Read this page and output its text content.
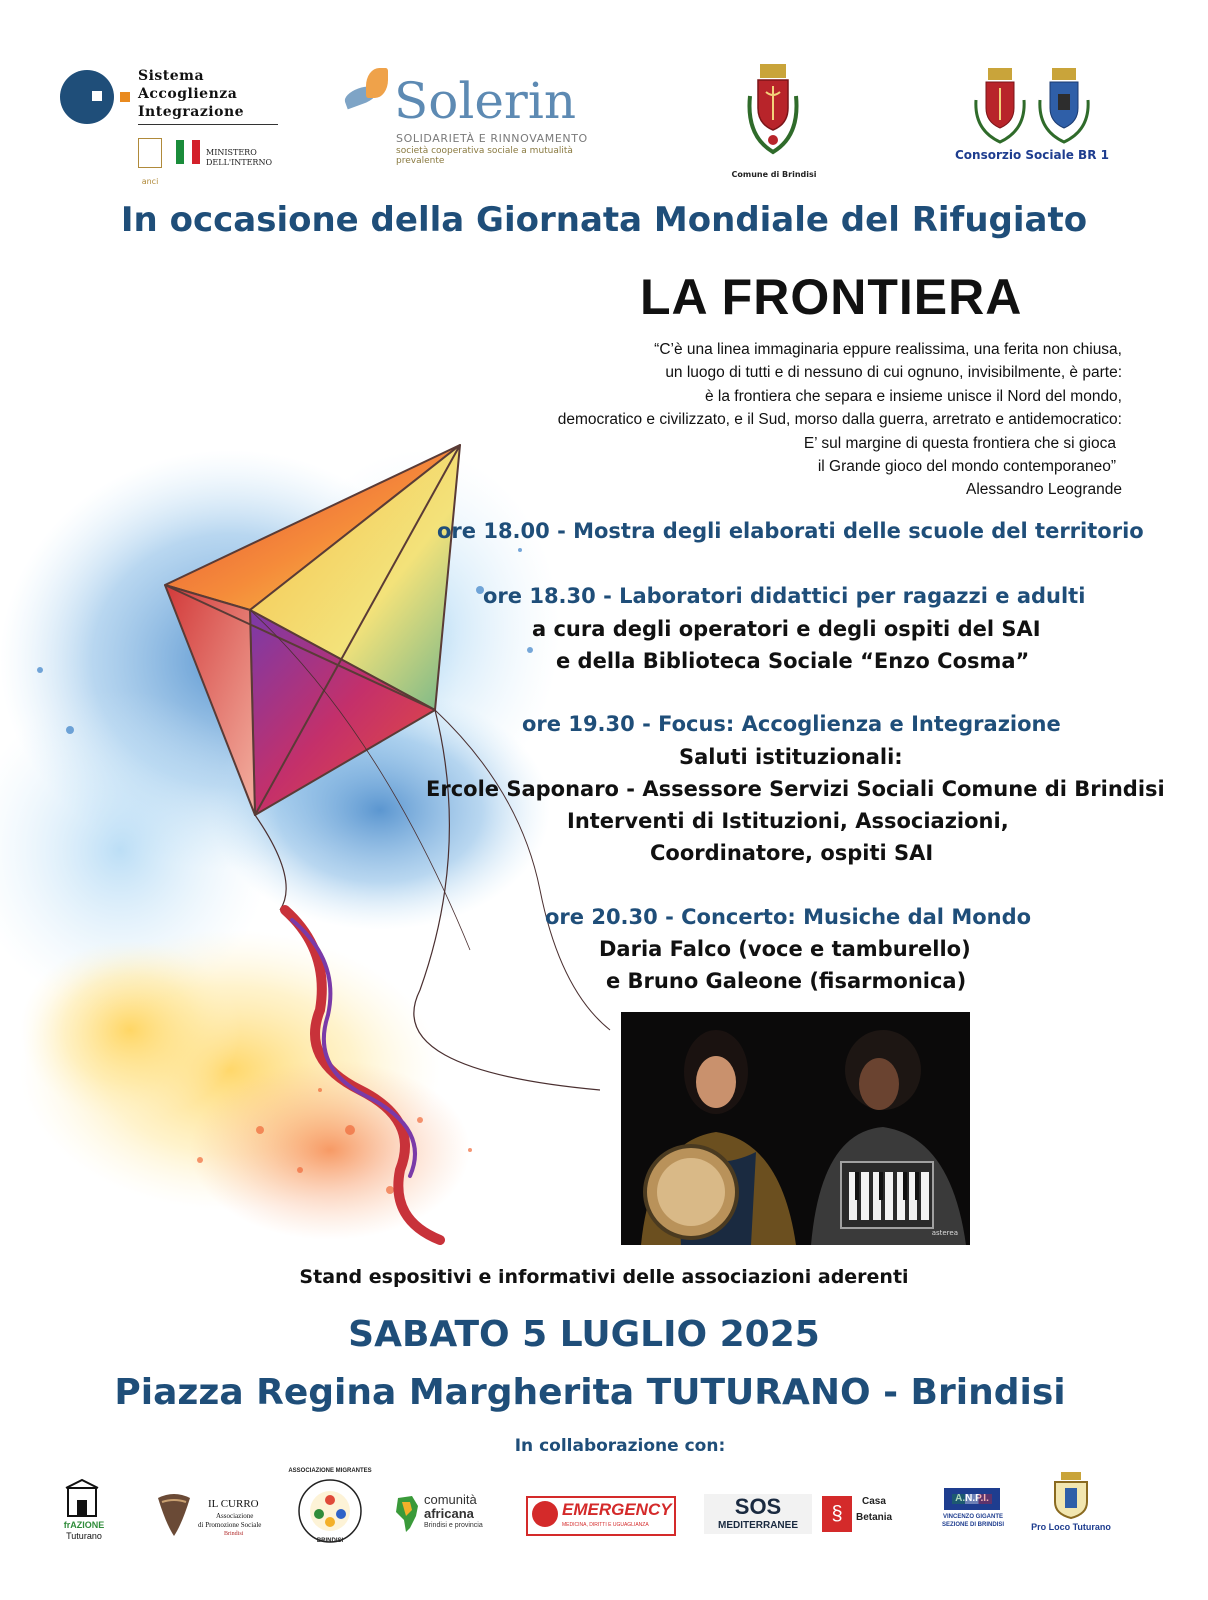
Sistema
Accoglienza
Integrazione
anci
MINISTERO
DELL'INTERNO
Solerin
SOLIDARIETÀ E RINNOVAMENTO
società cooperativa sociale a mutualità prevalente
Comune di Brindisi
Consorzio Sociale BR 1
In occasione della Giornata Mondiale del Rifugiato
LA FRONTIERA
“C’è una linea immaginaria eppure realissima, una ferita non chiusa,
un luogo di tutti e di nessuno di cui ognuno, invisibilmente, è parte:
è la frontiera che separa e insieme unisce il Nord del mondo,
democratico e civilizzato, e il Sud, morso dalla guerra, arretrato e antidemocratico:
E’ sul margine di questa frontiera che si gioca
il Grande gioco del mondo contemporaneo”
Alessandro Leogrande
ore 18.00 - Mostra degli elaborati delle scuole del territorio
ore 18.30 - Laboratori didattici per ragazzi e adulti
a cura degli operatori e degli ospiti del SAI
e della Biblioteca Sociale “Enzo Cosma”
ore 19.30 - Focus: Accoglienza e Integrazione
Saluti istituzionali:
Ercole Saponaro - Assessore Servizi Sociali Comune di Brindisi
Interventi di Istituzioni, Associazioni,
Coordinatore, ospiti SAI
ore 20.30 - Concerto: Musiche dal Mondo
Daria Falco (voce e tamburello)
e Bruno Galeone (fisarmonica)
asterea
Stand espositivi e informativi delle associazioni aderenti
SABATO 5 LUGLIO 2025
Piazza Regina Margherita TUTURANO - Brindisi
In collaborazione con:
frAZIONE
Tuturano
IL CURRO
Associazione
di Promozione Sociale
Brindisi
ASSOCIAZIONE MIGRANTES
BRINDISI
comunità
africana
Brindisi e provincia
EMERGENCY
MEDICINA, DIRITTI E UGUAGLIANZA
SOS
MEDITERRANEE
§
Casa
Betania
A.N.P.I.
VINCENZO GIGANTE
SEZIONE DI BRINDISI	Pro Loco Tuturano
